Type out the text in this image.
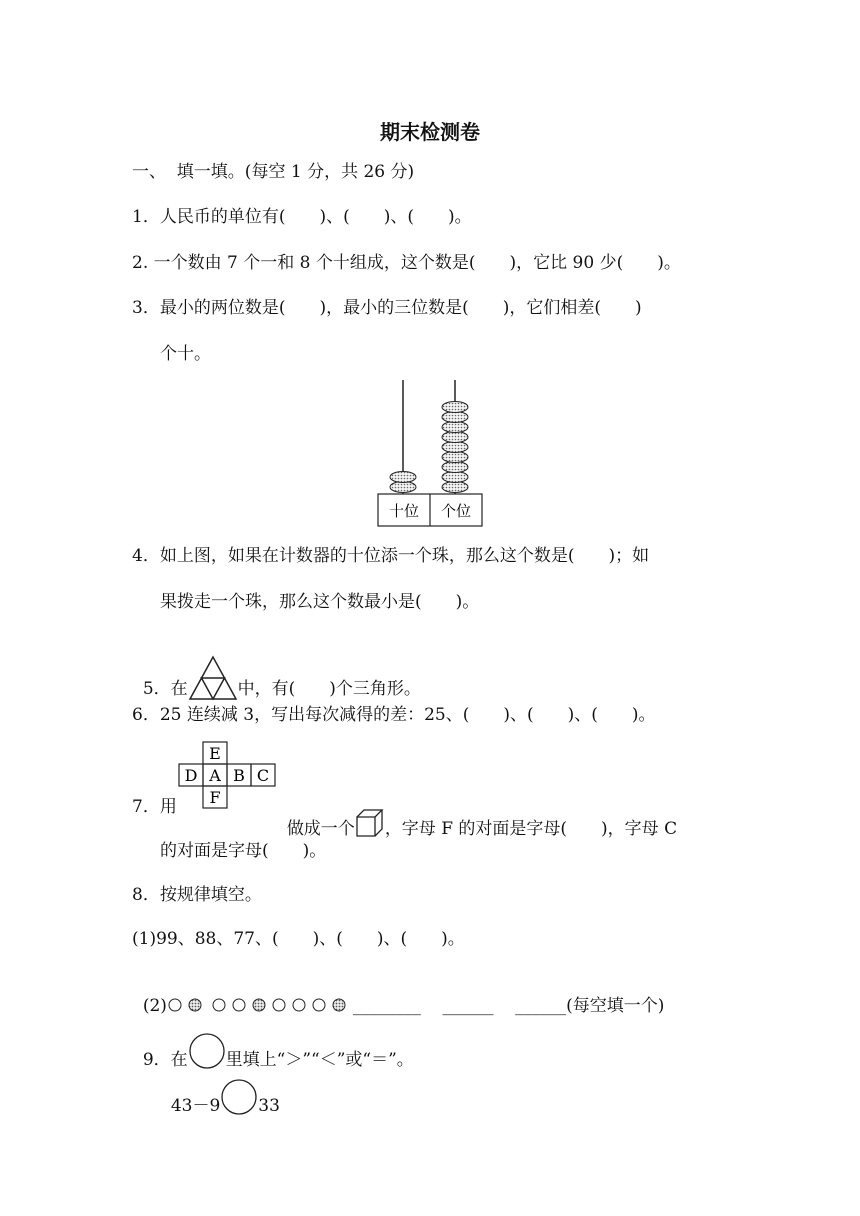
期末检测卷
一、  填一填。(每空 1 分，共 26 分)
1．人民币的单位有(　　)、(　　)、(　　)。
2. 一个数由 7 个一和 8 个十组成，这个数是(　　)，它比 90 少(　　)。
3．最小的两位数是(　　)，最小的三位数是(　　)，它们相差(　　)
个十。
十位 个位
4．如上图，如果在计数器的十位添一个珠，那么这个数是(　　)；如
果拨走一个珠，那么这个数最小是(　　)。

5．在	中，有(　　)个三角形。

6．25 连续减 3，写出每次减得的差：25、(　　)、(　　)、(　　)。
E
D A B C
F
7．用

做成一个 ，字母 F 的对面是字母(　　)，字母 C

的对面是字母(　　)。
8．按规律填空。
(1)99、88、77、(　　)、(　　)、(　　)。

(2)	________    ______    ______(每空填一个)

9．在 里填上“＞”“＜”或“＝”。

43－9 33
